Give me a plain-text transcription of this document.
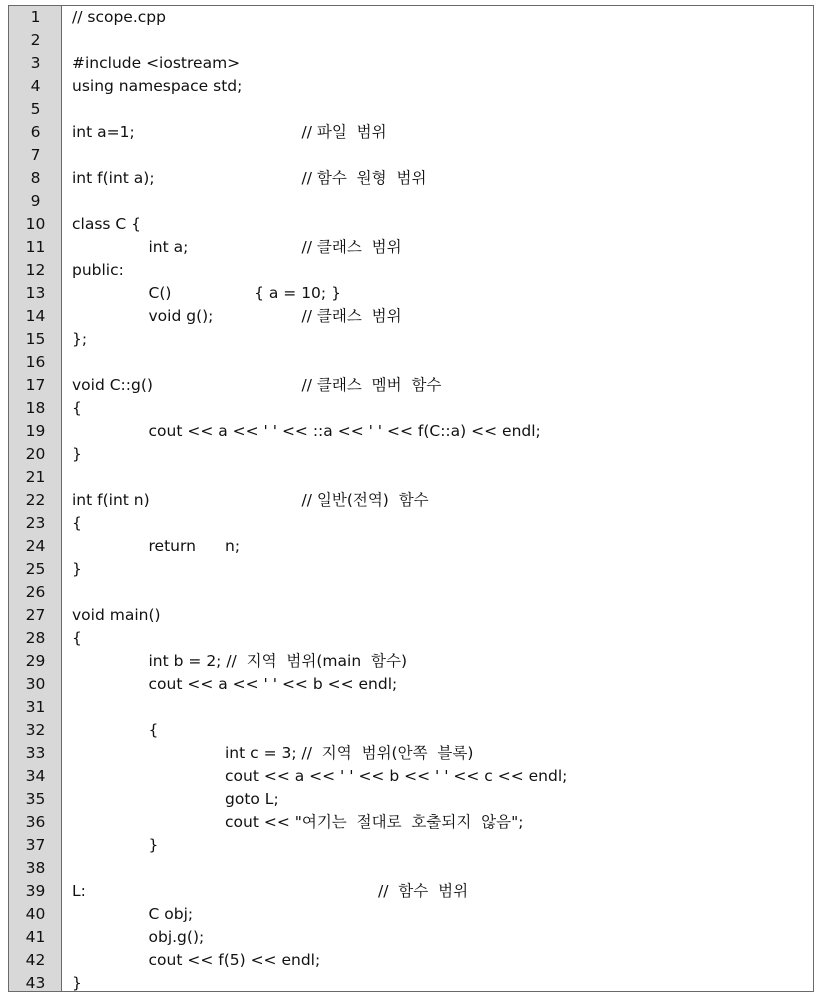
1	// scope.cpp
2
3	#include <iostream>
4	using namespace std;
5
6	int a=1;	// 파일  범위
7
8	int f(int a);	// 함수  원형  범위
9
10	class C {
11	int a;	// 클래스  범위
12	public:
13	C()	{ a = 10; }
14	void g();	// 클래스  범위
15	};
16
17	void C::g()	// 클래스  멤버  함수
18	{
19	cout << a << ' ' << ::a << ' ' << f(C::a) << endl;
20	}
21
22	int f(int n)	// 일반(전역)  함수
23	{
24	return n;
25	}
26
27	void main()
28	{
29	int b = 2; //  지역  범위(main  함수)
30	cout << a << ' ' << b << endl;
31
32	{
33	int c = 3; //  지역  범위(안쪽  블록)
34	cout << a << ' ' << b << ' ' << c << endl;
35	goto L;
36	cout << "여기는  절대로  호출되지  않음";
37	}
38
39	L:	//  함수  범위
40	C obj;
41	obj.g();
42	cout << f(5) << endl;
43	}
